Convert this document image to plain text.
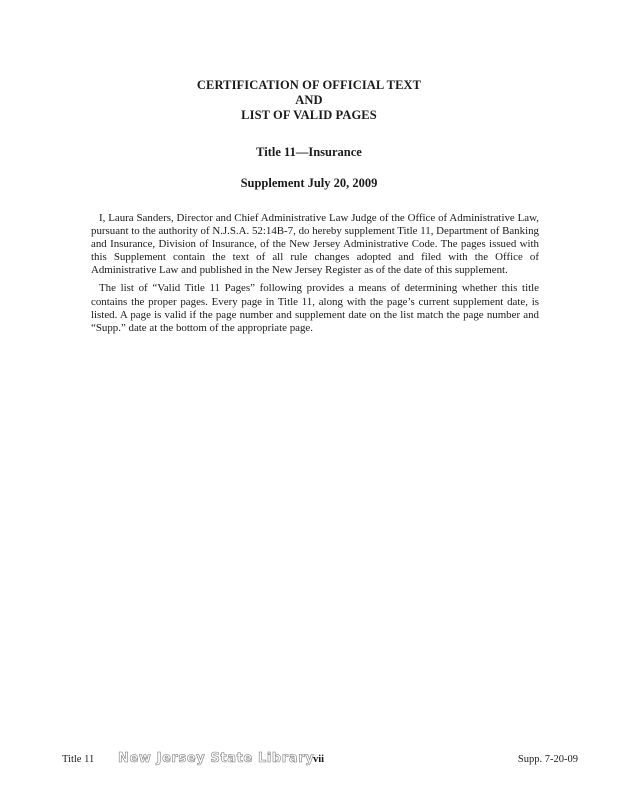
CERTIFICATION OF OFFICIAL TEXT
AND
LIST OF VALID PAGES
Title 11—Insurance
Supplement July 20, 2009

I, Laura Sanders, Director and Chief Administrative Law Judge of the Office of Administrative Law, pursuant to the authority of N.J.S.A. 52:14B-7, do hereby supplement Title 11, Department of Banking and Insurance, Division of Insurance, of the New Jersey Administrative Code. The pages issued with this Supplement contain the text of all rule changes adopted and filed with the Office of Administrative Law and published in the New Jersey Register as of the date of this supplement.

The list of “Valid Title 11 Pages” following provides a means of determining whether this title contains the proper pages. Every page in Title 11, along with the page’s current supplement date, is listed. A page is valid if the page number and supplement date on the list match the page number and “Supp.” date at the bottom of the appropriate page.

Title 11 New Jersey State Library
vii	Supp. 7-20-09
